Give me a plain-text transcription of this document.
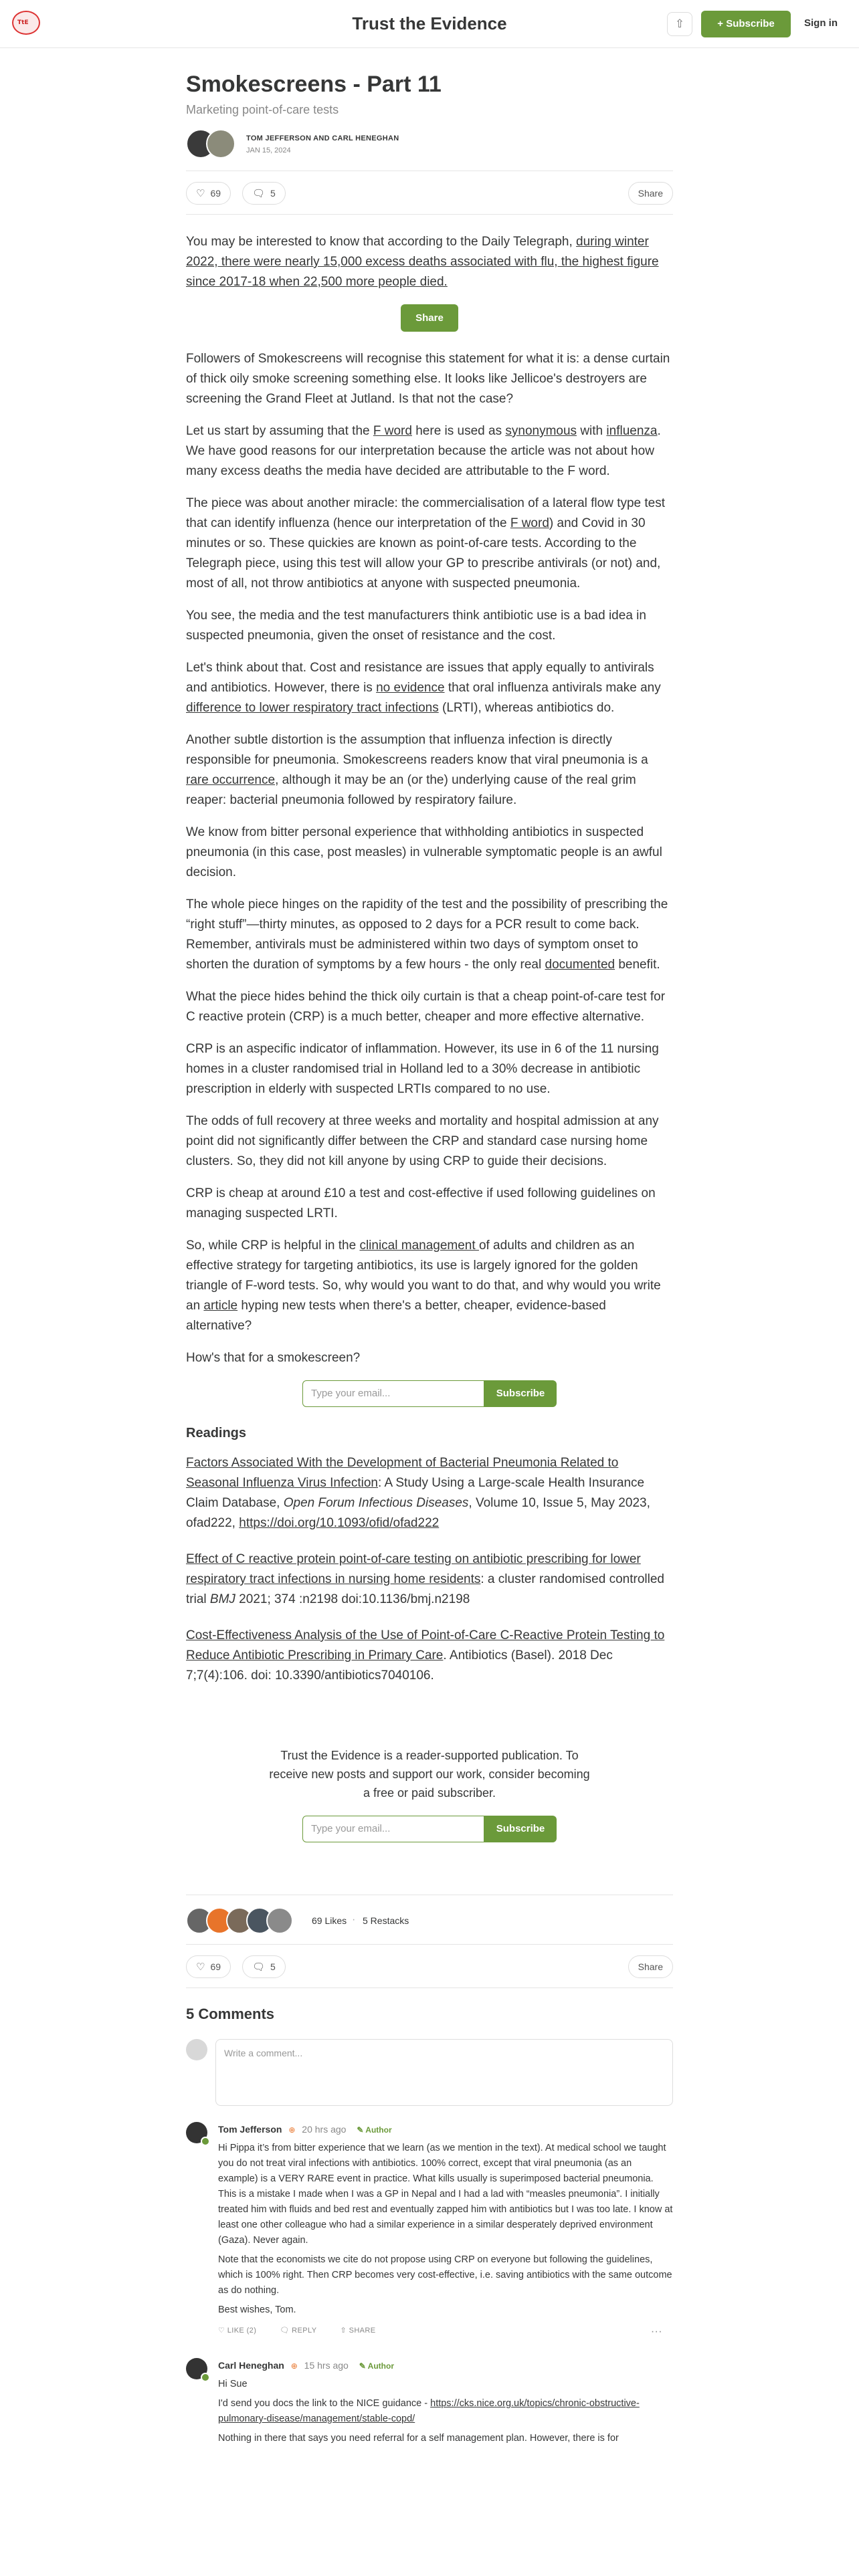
TtE	Trust the Evidence	⇧	+ Subscribe	Sign in
Smokescreens - Part 11
Marketing point-of-care tests
TOM JEFFERSON AND CARL HENEGHAN
JAN 15, 2024
♡ 69	🗨 5	Share

You may be interested to know that according to the Daily Telegraph, during winter 2022, there were nearly 15,000 excess deaths associated with flu, the highest figure since 2017-18 when 22,500 more people died.

Share

Followers of Smokescreens will recognise this statement for what it is: a dense curtain of thick oily smoke screening something else. It looks like Jellicoe's destroyers are screening the Grand Fleet at Jutland. Is that not the case?

Let us start by assuming that the F word here is used as synonymous with influenza. We have good reasons for our interpretation because the article was not about how many excess deaths the media have decided are attributable to the F word.

The piece was about another miracle: the commercialisation of a lateral flow type test that can identify influenza (hence our interpretation of the F word) and Covid in 30 minutes or so. These quickies are known as point-of-care tests. According to the Telegraph piece, using this test will allow your GP to prescribe antivirals (or not) and, most of all, not throw antibiotics at anyone with suspected pneumonia.

You see, the media and the test manufacturers think antibiotic use is a bad idea in suspected pneumonia, given the onset of resistance and the cost.

Let's think about that. Cost and resistance are issues that apply equally to antivirals and antibiotics. However, there is no evidence that oral influenza antivirals make any difference to lower respiratory tract infections (LRTI), whereas antibiotics do.

Another subtle distortion is the assumption that influenza infection is directly responsible for pneumonia. Smokescreens readers know that viral pneumonia is a rare occurrence, although it may be an (or the) underlying cause of the real grim reaper: bacterial pneumonia followed by respiratory failure.

We know from bitter personal experience that withholding antibiotics in suspected pneumonia (in this case, post measles) in vulnerable symptomatic people is an awful decision.

The whole piece hinges on the rapidity of the test and the possibility of prescribing the “right stuff”—thirty minutes, as opposed to 2 days for a PCR result to come back. Remember, antivirals must be administered within two days of symptom onset to shorten the duration of symptoms by a few hours - the only real documented benefit.

What the piece hides behind the thick oily curtain is that a cheap point-of-care test for C reactive protein (CRP) is a much better, cheaper and more effective alternative.

CRP is an aspecific indicator of inflammation. However, its use in 6 of the 11 nursing homes in a cluster randomised trial in Holland led to a 30% decrease in antibiotic prescription in elderly with suspected LRTIs compared to no use.

The odds of full recovery at three weeks and mortality and hospital admission at any point did not significantly differ between the CRP and standard case nursing home clusters. So, they did not kill anyone by using CRP to guide their decisions.

CRP is cheap at around £10 a test and cost-effective if used following guidelines on managing suspected LRTI.

So, while CRP is helpful in the clinical management of adults and children as an effective strategy for targeting antibiotics, its use is largely ignored for the golden triangle of F-word tests. So, why would you want to do that, and why would you write an article hyping new tests when there's a better, cheaper, evidence-based alternative?

How's that for a smokescreen?

Type your email...	Subscribe
Readings

Factors Associated With the Development of Bacterial Pneumonia Related to Seasonal Influenza Virus Infection: A Study Using a Large-scale Health Insurance Claim Database, Open Forum Infectious Diseases, Volume 10, Issue 5, May 2023, ofad222, https://doi.org/10.1093/ofid/ofad222

Effect of C reactive protein point-of-care testing on antibiotic prescribing for lower respiratory tract infections in nursing home residents: a cluster randomised controlled trial BMJ 2021; 374 :n2198 doi:10.1136/bmj.n2198

Cost-Effectiveness Analysis of the Use of Point-of-Care C-Reactive Protein Testing to Reduce Antibiotic Prescribing in Primary Care. Antibiotics (Basel). 2018 Dec 7;7(4):106. doi: 10.3390/antibiotics7040106.

Trust the Evidence is a reader-supported publication. To receive new posts and support our work, consider becoming a free or paid subscriber.
Type your email...	Subscribe
69 Likes · 5 Restacks
♡ 69	🗨 5	Share
5 Comments
Write a comment...
Tom Jefferson ⊕ 20 hrs ago ✎ Author

Hi Pippa it’s from bitter experience that we learn (as we mention in the text). At medical school we taught you do not treat viral infections with antibiotics. 100% correct, except that viral pneumonia (as an example) is a VERY RARE event in practice. What kills usually is superimposed bacterial pneumonia. This is a mistake I made when I was a GP in Nepal and I had a lad with “measles pneumonia”. I initially treated him with fluids and bed rest and eventually zapped him with antibiotics but I was too late. I know at least one other colleague who had a similar experience in a similar desperately deprived environment (Gaza). Never again.

Note that the economists we cite do not propose using CRP on everyone but following the guidelines, which is 100% right. Then CRP becomes very cost-effective, i.e. saving antibiotics with the same outcome as do nothing.

Best wishes, Tom.

♡ LIKE (2)	🗨 REPLY	⇧ SHARE	···
Carl Heneghan ⊕ 15 hrs ago ✎ Author

Hi Sue

I'd send you docs the link to the NICE guidance - https://cks.nice.org.uk/topics/chronic-obstructive-pulmonary-disease/management/stable-copd/

Nothing in there that says you need referral for a self management plan. However, there is for
